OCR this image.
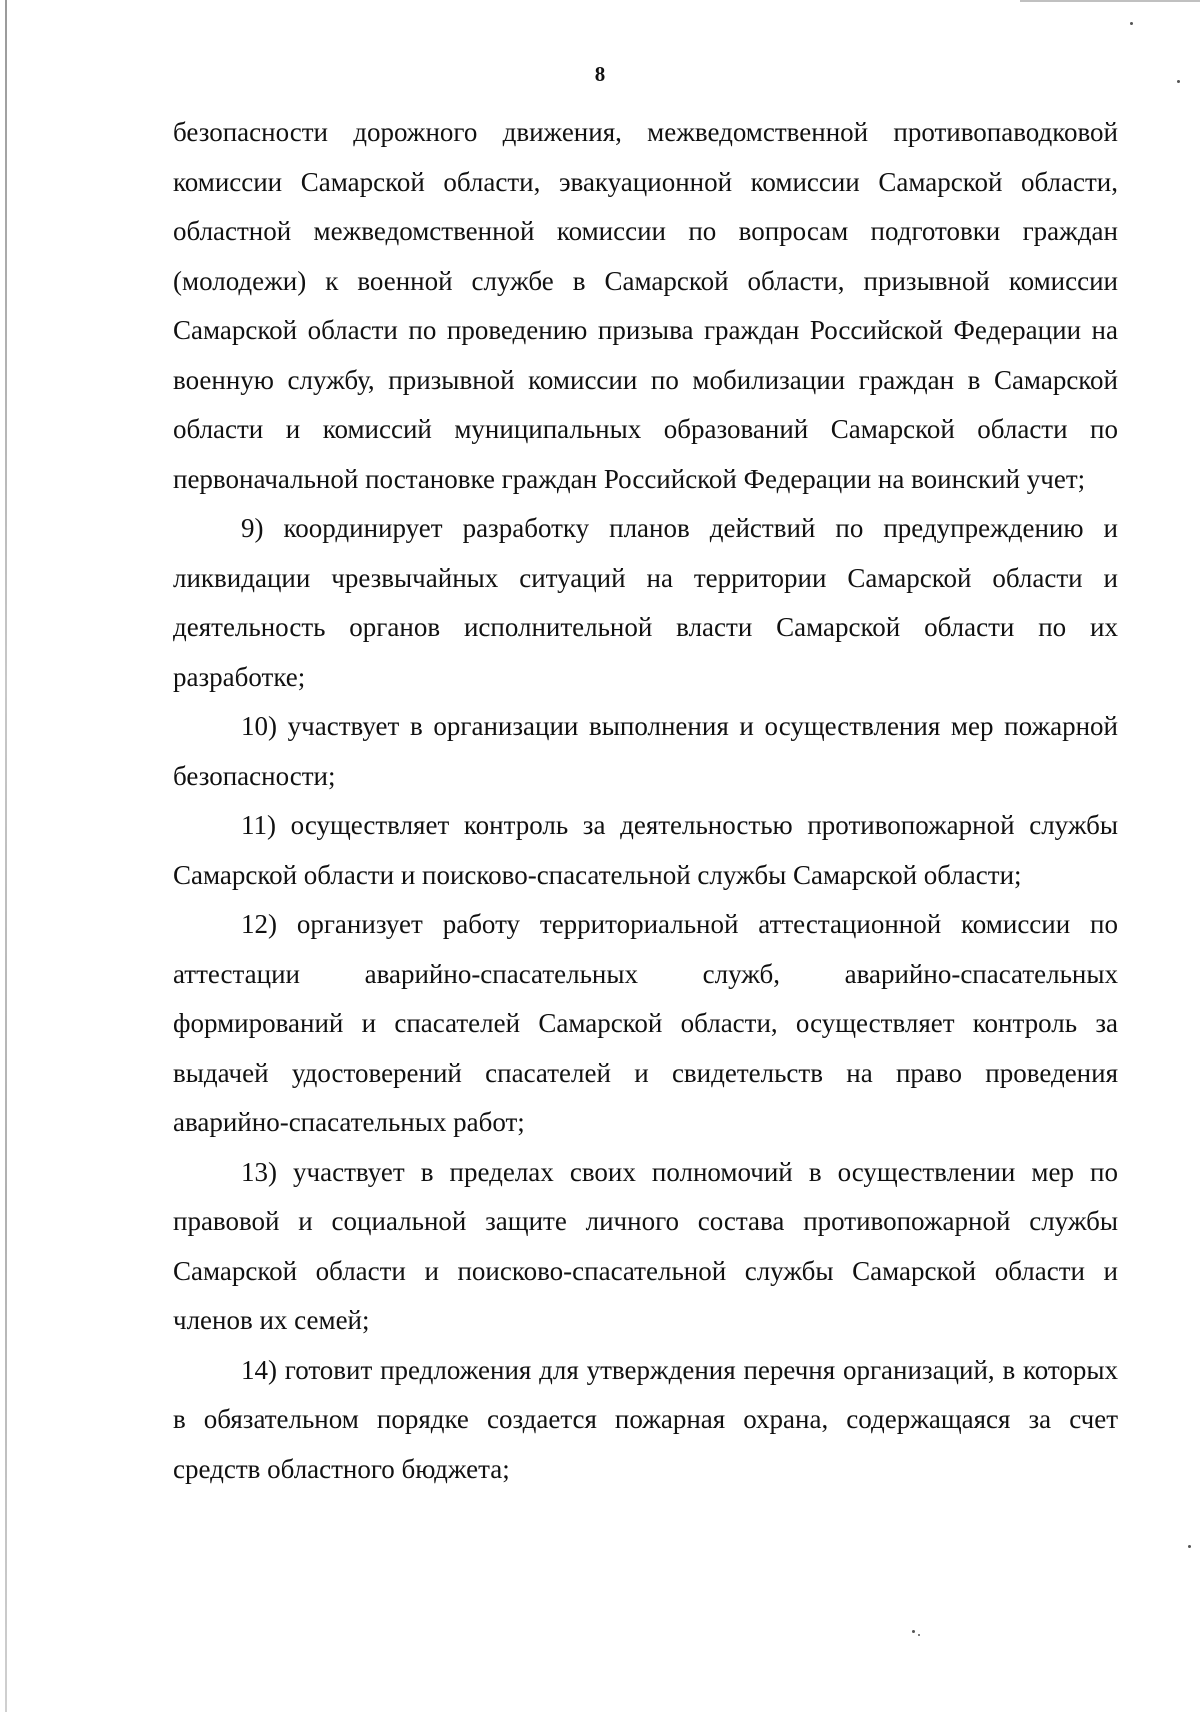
8

безопасности дорожного движения, межведомственной противопаводковой комиссии Самарской области, эвакуационной комиссии Самарской области, областной межведомственной комиссии по вопросам подготовки граждан (молодежи) к военной службе в Самарской области, призывной комиссии Самарской области по проведению призыва граждан Российской Федерации на военную службу, призывной комиссии по мобилизации граждан в Самарской области и комиссий муниципальных образований Самарской области по первоначальной постановке граждан Российской Федерации на воинский учет;

9) координирует разработку планов действий по предупреждению и ликвидации чрезвычайных ситуаций на территории Самарской области и деятельность органов исполнительной власти Самарской области по их разработке;

10) участвует в организации выполнения и осуществления мер пожарной безопасности;

11) осуществляет контроль за деятельностью противопожарной службы Самарской области и поисково-спасательной службы Самарской области;

12) организует работу территориальной аттестационной комиссии по аттестации аварийно-спасательных служб, аварийно-спасательных формирований и спасателей Самарской области, осуществляет контроль за выдачей удостоверений спасателей и свидетельств на право проведения аварийно-спасательных работ;

13) участвует в пределах своих полномочий в осуществлении мер по правовой и социальной защите личного состава противопожарной службы Самарской области и поисково-спасательной службы Самарской области и членов их семей;

14) готовит предложения для утверждения перечня организаций, в которых в обязательном порядке создается пожарная охрана, содержащаяся за счет средств областного бюджета;
